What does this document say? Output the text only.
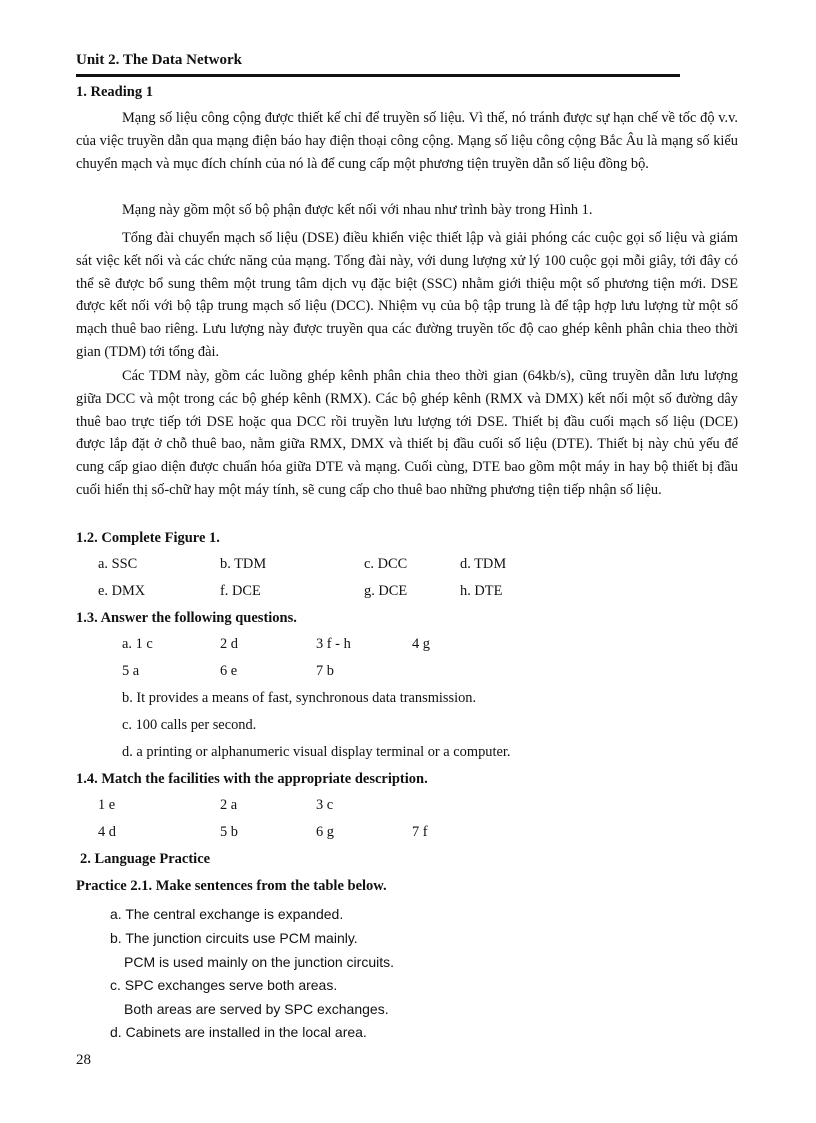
Unit 2. The Data Network
1. Reading 1

Mạng số liệu công cộng được thiết kế chỉ để truyền số liệu. Vì thế, nó tránh được sự hạn chế về tốc độ v.v. của việc truyền dẫn qua mạng điện báo hay điện thoại công cộng. Mạng số liệu công cộng Bắc Âu là mạng số kiểu chuyển mạch và mục đích chính của nó là để cung cấp một phương tiện truyền dẫn số liệu đồng bộ.

Mạng này gồm một số bộ phận được kết nối với nhau như trình bày trong Hình 1.

Tổng đài chuyển mạch số liệu (DSE) điều khiển việc thiết lập và giải phóng các cuộc gọi số liệu và giám sát việc kết nối và các chức năng của mạng. Tổng đài này, với dung lượng xử lý 100 cuộc gọi mỗi giây, tới đây có thể sẽ được bổ sung thêm một trung tâm dịch vụ đặc biệt (SSC) nhằm giới thiệu một số phương tiện mới. DSE được kết nối với bộ tập trung mạch số liệu (DCC). Nhiệm vụ của bộ tập trung là để tập hợp lưu lượng từ một số mạch thuê bao riêng. Lưu lượng này được truyền qua các đường truyền tốc độ cao ghép kênh phân chia theo thời gian (TDM) tới tổng đài.

Các TDM này, gồm các luồng ghép kênh phân chia theo thời gian (64kb/s), cũng truyền dẫn lưu lượng giữa DCC và một trong các bộ ghép kênh (RMX). Các bộ ghép kênh (RMX và DMX) kết nối một số đường dây thuê bao trực tiếp tới DSE hoặc qua DCC rồi truyền lưu lượng tới DSE. Thiết bị đầu cuối mạch số liệu (DCE) được lắp đặt ở chỗ thuê bao, nằm giữa RMX, DMX và thiết bị đầu cuối số liệu (DTE). Thiết bị này chủ yếu để cung cấp giao diện được chuẩn hóa giữa DTE và mạng. Cuối cùng, DTE bao gồm một máy in hay bộ thiết bị đầu cuối hiển thị số-chữ hay một máy tính, sẽ cung cấp cho thuê bao những phương tiện tiếp nhận số liệu.

1.2. Complete Figure 1.
a. SSC	b. TDM	c. DCC	d. TDM
e. DMX	f. DCE	g. DCE	h. DTE
1.3. Answer the following questions.
a. 1 c	2 d	3 f - h	4 g
5 a	6 e	7 b
b. It provides a means of fast, synchronous data transmission.
c. 100 calls per second.
d. a printing or alphanumeric visual display terminal or a computer.
1.4. Match the facilities with the appropriate description.
1 e	2 a	3 c
4 d	5 b	6 g	7 f
2. Language Practice
Practice 2.1. Make sentences from the table below.
a. The central exchange is expanded.
b. The junction circuits use PCM mainly.
PCM is used mainly on the junction circuits.
c. SPC exchanges serve both areas.
Both areas are served by SPC exchanges.
d. Cabinets are installed in the local area.
28
